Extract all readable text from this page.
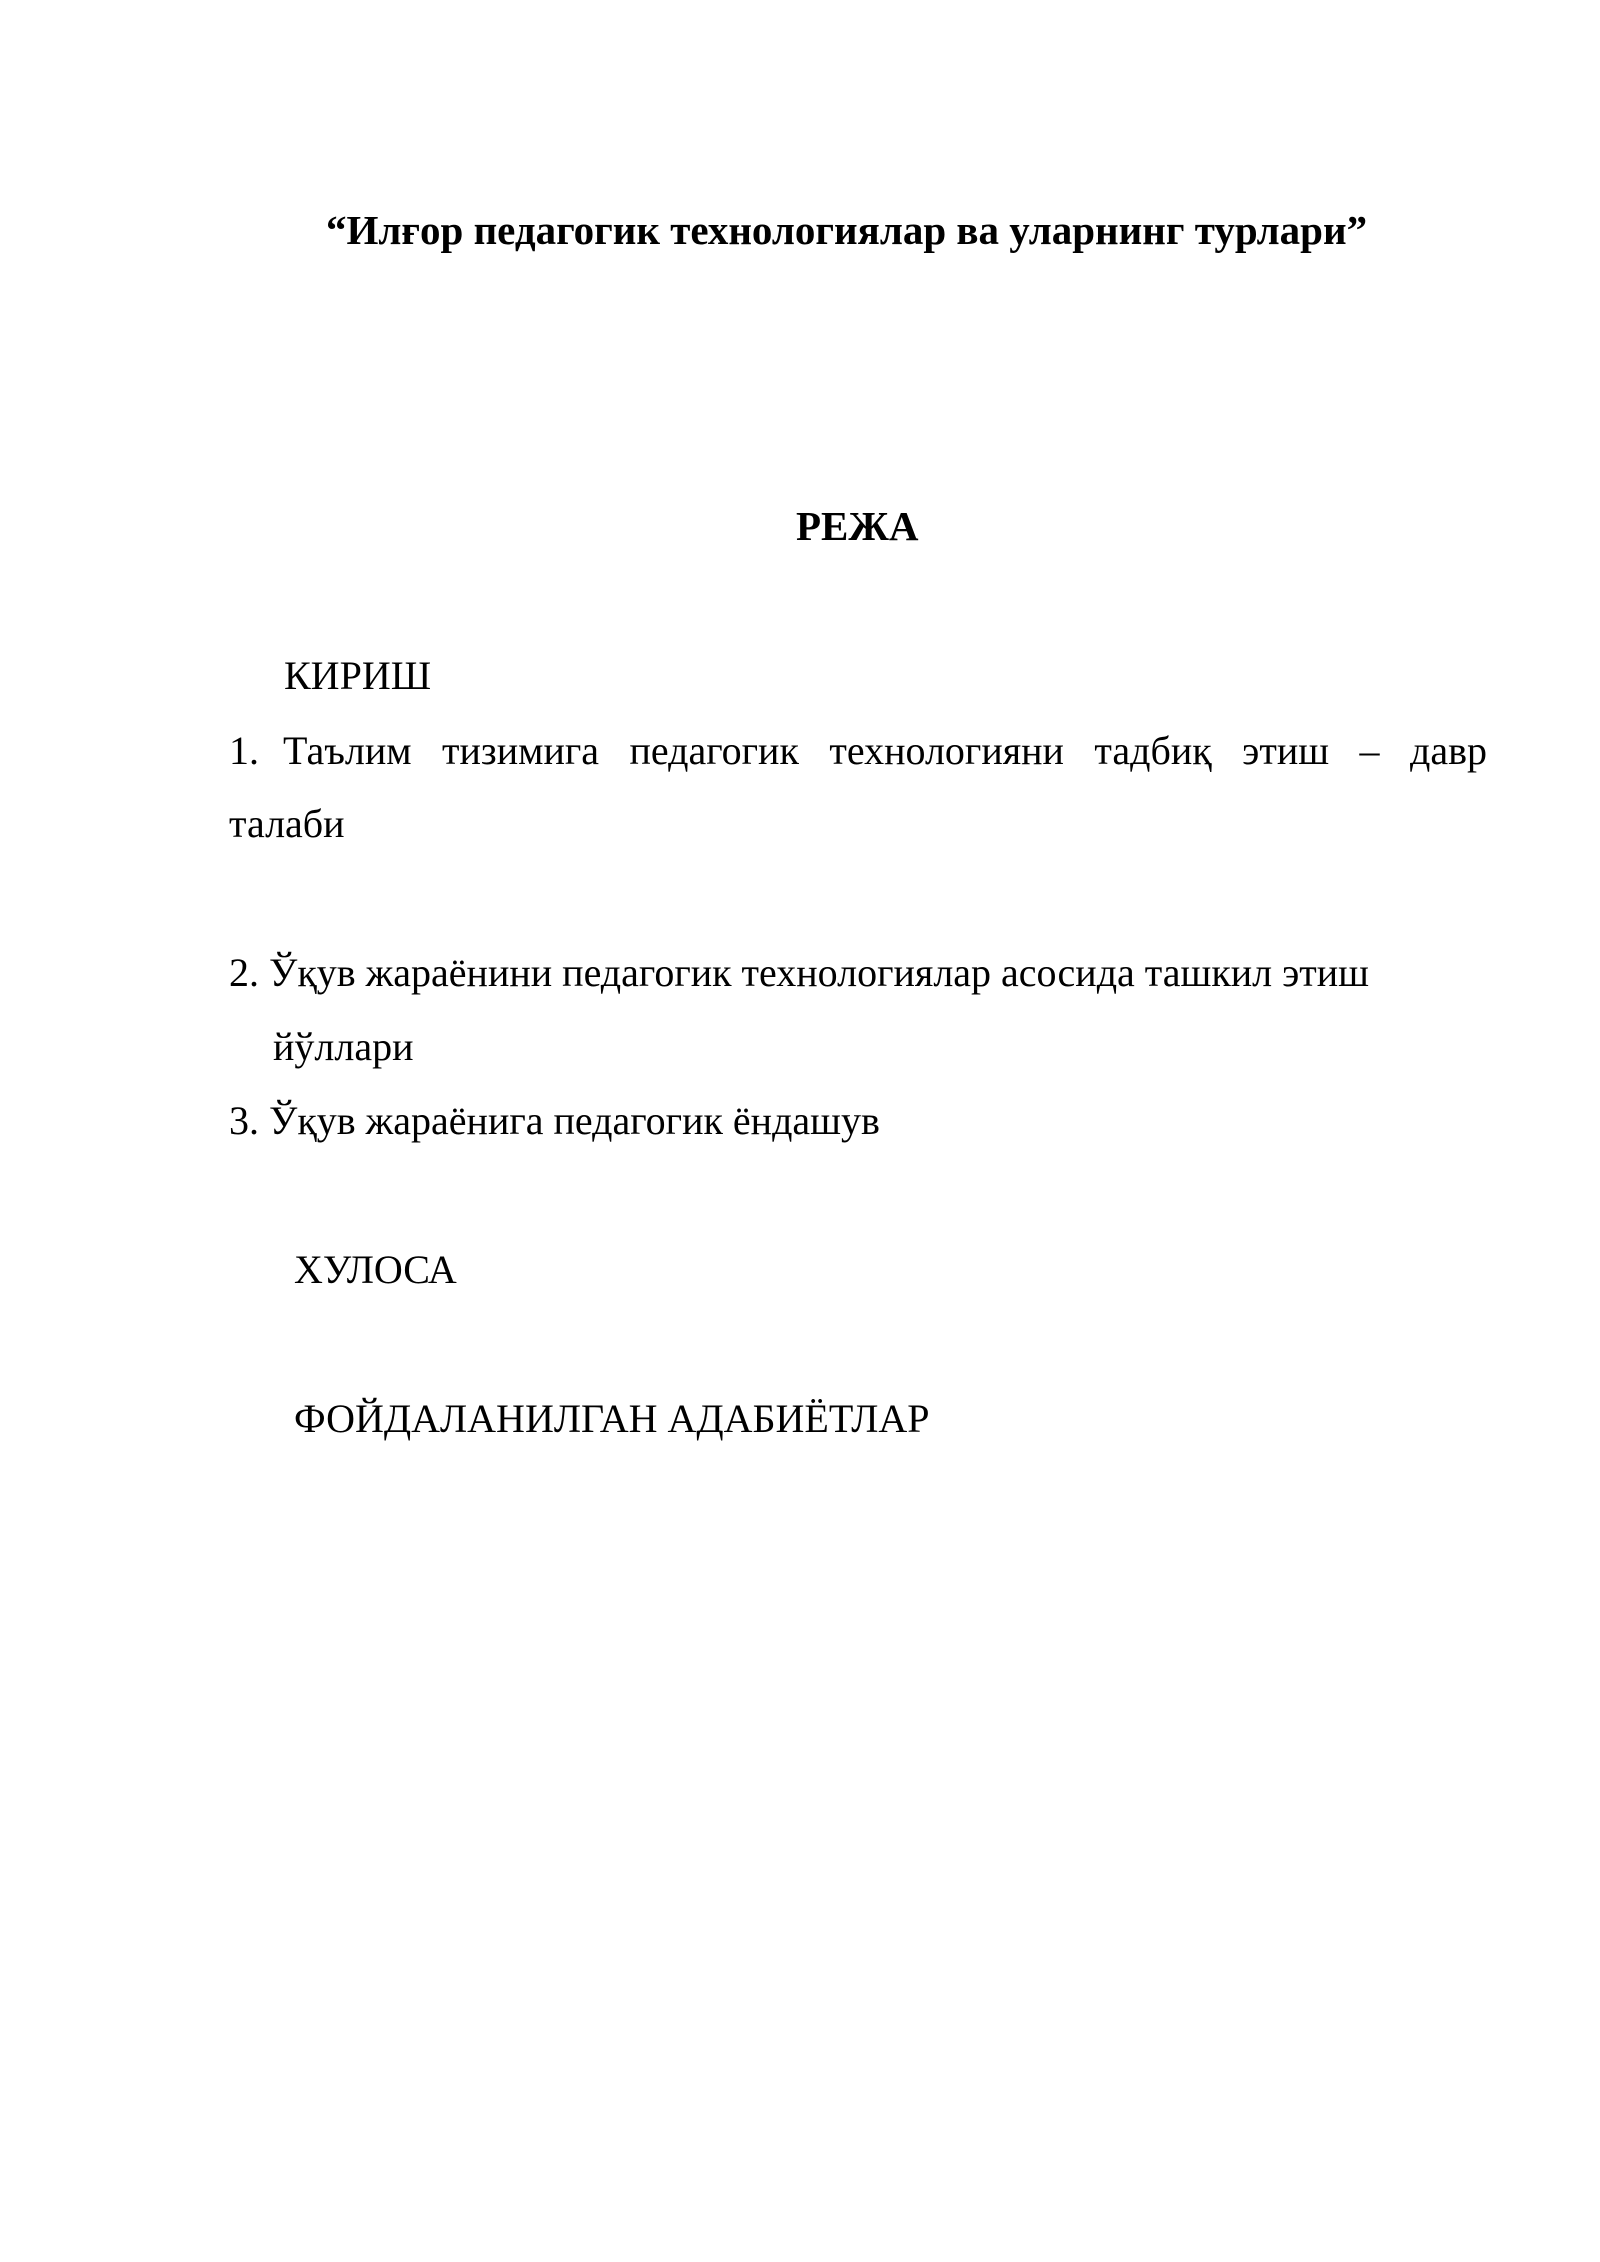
“Илғор педагогик технологиялар ва уларнинг турлари”

РЕЖА

КИРИШ

1. Таълим тизимига педагогик технологияни тадбиқ этиш – давр

талаби

2. Ўқув жараёнини педагогик технологиялар асосида ташкил этиш

йўллари

3. Ўқув жараёнига педагогик ёндашув

ХУЛОСА

ФОЙДАЛАНИЛГАН АДАБИЁТЛАР
